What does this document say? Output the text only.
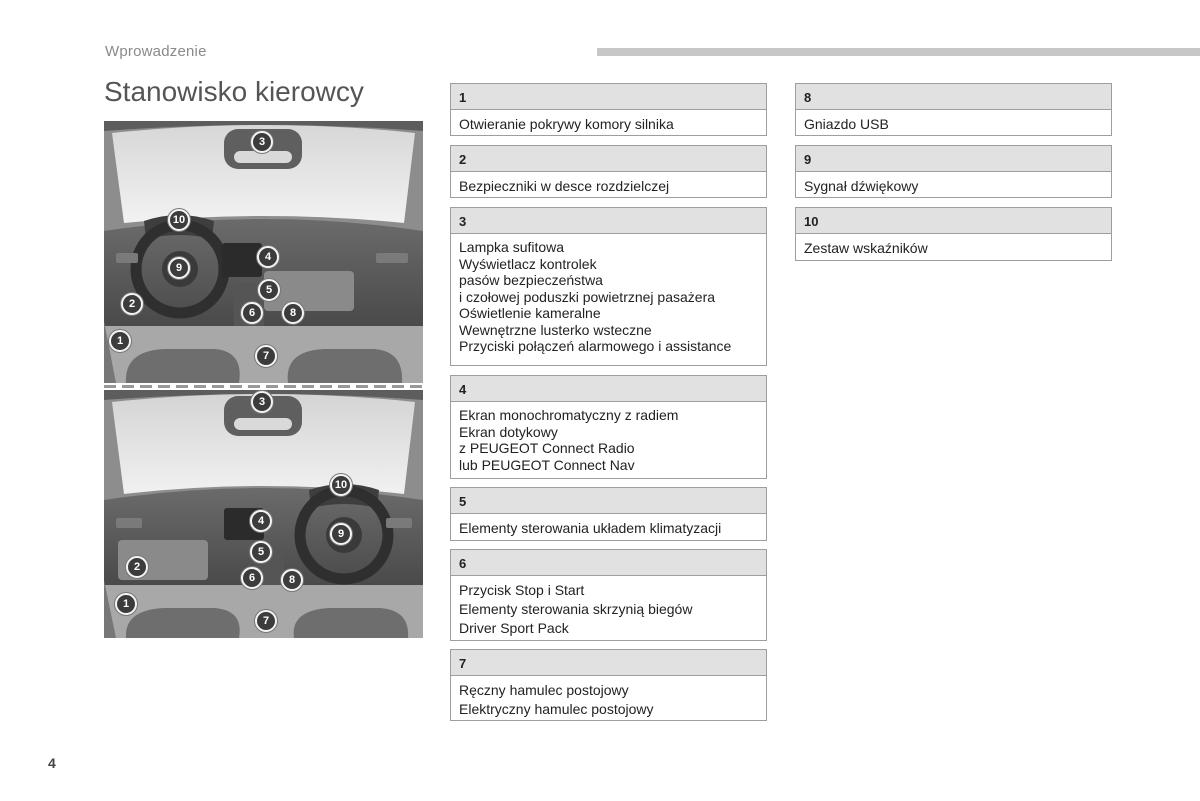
Wprowadzenie
Stanowisko kierowcy
3
10
4
9
5
2
6	8
1
7
3
10
4
9
5
2
6	8
1
7
1
Otwieranie pokrywy komory silnika
2
Bezpieczniki w desce rozdzielczej
3
Lampka sufitowa
Wyświetlacz kontrolek
pasów bezpieczeństwa
i czołowej poduszki powietrznej pasażera
Oświetlenie kameralne
Wewnętrzne lusterko wsteczne
Przyciski połączeń alarmowego i assistance
4
Ekran monochromatyczny z radiem
Ekran dotykowy
z PEUGEOT Connect Radio
lub PEUGEOT Connect Nav
5
Elementy sterowania układem klimatyzacji
6
Przycisk Stop i Start
Elementy sterowania skrzynią biegów
Driver Sport Pack
7
Ręczny hamulec postojowy
Elektryczny hamulec postojowy
8
Gniazdo USB
9
Sygnał dźwiękowy
10
Zestaw wskaźników
4
